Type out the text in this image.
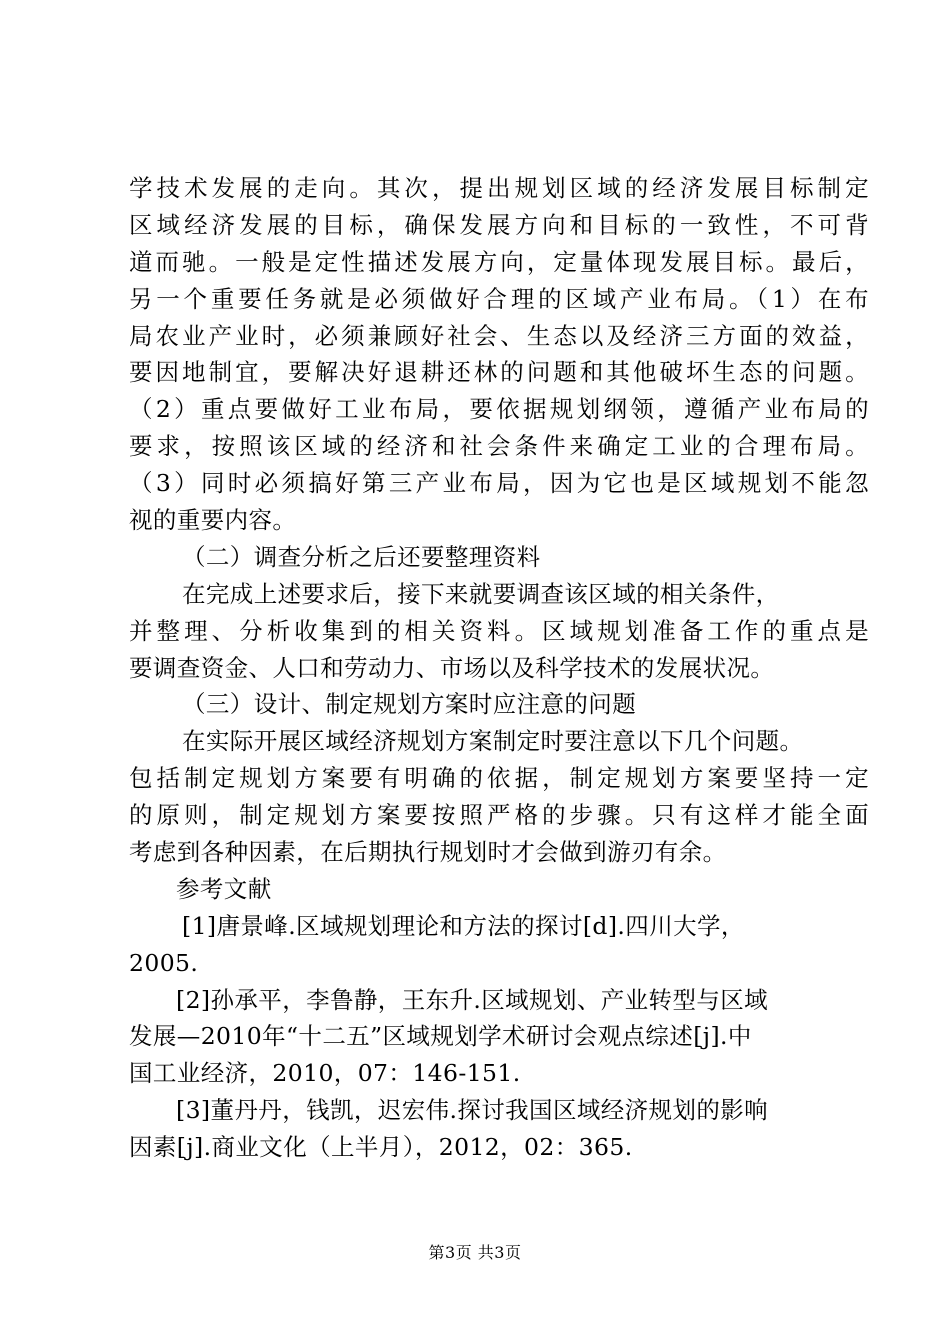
学技术发展的走向。其次，提出规划区域的经济发展目标制定
区域经济发展的目标，确保发展方向和目标的一致性，不可背
道而驰。一般是定性描述发展方向，定量体现发展目标。最后，
另一个重要任务就是必须做好合理的区域产业布局。（1）在布
局农业产业时，必须兼顾好社会、生态以及经济三方面的效益，
要因地制宜，要解决好退耕还林的问题和其他破坏生态的问题。
（2）重点要做好工业布局，要依据规划纲领，遵循产业布局的
要求，按照该区域的经济和社会条件来确定工业的合理布局。
（3）同时必须搞好第三产业布局，因为它也是区域规划不能忽
视的重要内容。
（二）调查分析之后还要整理资料
在完成上述要求后，接下来就要调查该区域的相关条件，
并整理、分析收集到的相关资料。区域规划准备工作的重点是
要调查资金、人口和劳动力、市场以及科学技术的发展状况。
（三）设计、制定规划方案时应注意的问题
在实际开展区域经济规划方案制定时要注意以下几个问题。
包括制定规划方案要有明确的依据，制定规划方案要坚持一定
的原则，制定规划方案要按照严格的步骤。只有这样才能全面
考虑到各种因素，在后期执行规划时才会做到游刃有余。
参考文献
[1]唐景峰.区域规划理论和方法的探讨[d].四川大学，
2005.
[2]孙承平，李鲁静，王东升.区域规划、产业转型与区域
发展—2010年“十二五”区域规划学术研讨会观点综述[j].中
国工业经济，2010，07：146-151.
[3]董丹丹，钱凯，迟宏伟.探讨我国区域经济规划的影响
因素[j].商业文化（上半月），2012，02：365.
第3页 共3页
